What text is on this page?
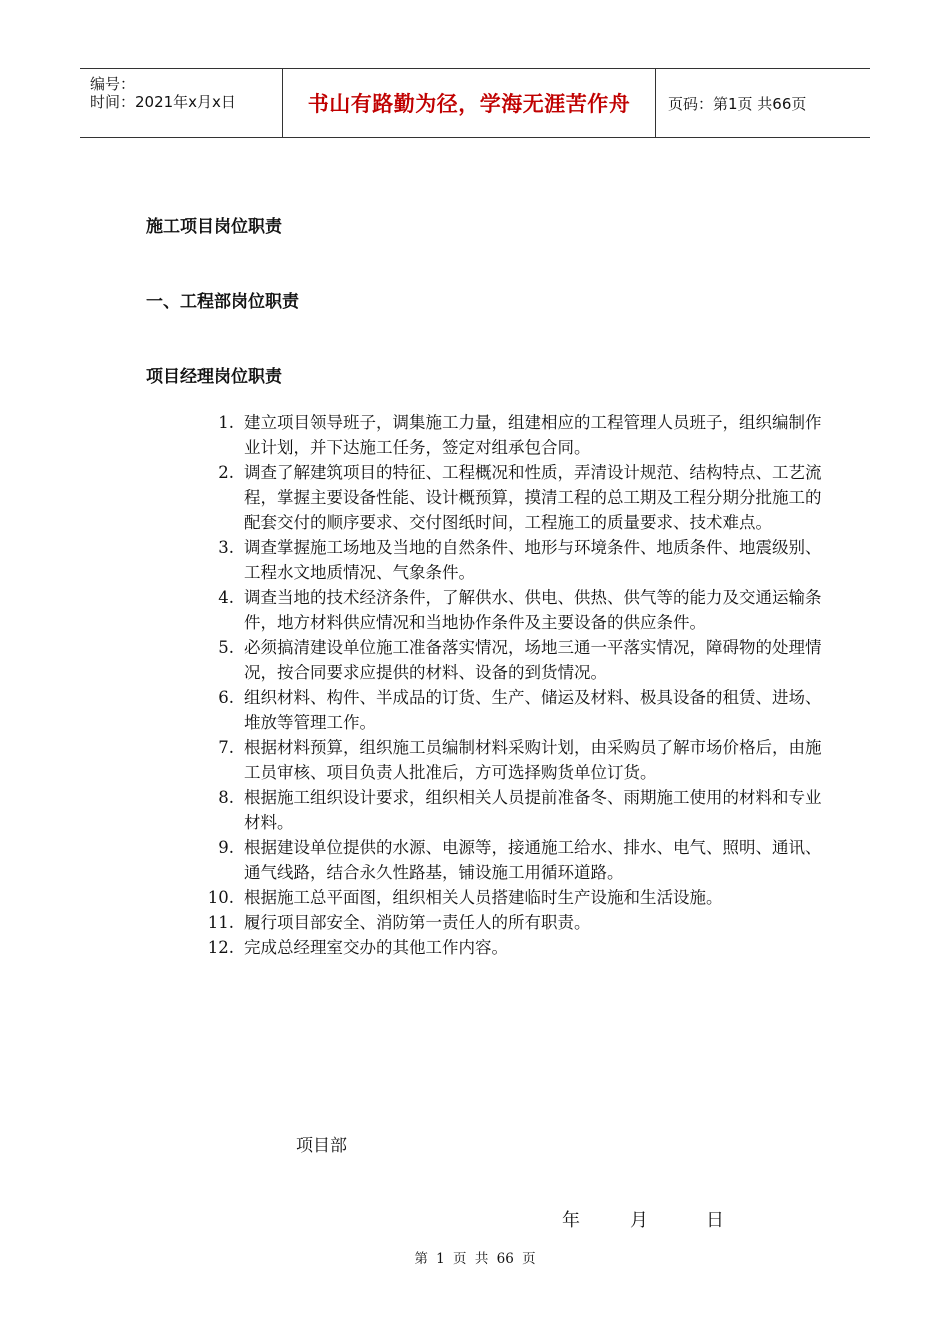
编号：
时间：2021年x月x日	书山有路勤为径，学海无涯苦作舟	页码：第1页 共66页
施工项目岗位职责
一、工程部岗位职责
项目经理岗位职责
1. 建立项目领导班子，调集施工力量，组建相应的工程管理人员班子，组织编制作业计划，并下达施工任务，签定对组承包合同。
2. 调查了解建筑项目的特征、工程概况和性质，弄清设计规范、结构特点、工艺流程，掌握主要设备性能、设计概预算，摸清工程的总工期及工程分期分批施工的配套交付的顺序要求、交付图纸时间，工程施工的质量要求、技术难点。
3. 调查掌握施工场地及当地的自然条件、地形与环境条件、地质条件、地震级别、工程水文地质情况、气象条件。
4. 调查当地的技术经济条件，了解供水、供电、供热、供气等的能力及交通运输条件，地方材料供应情况和当地协作条件及主要设备的供应条件。
5. 必须搞清建设单位施工准备落实情况，场地三通一平落实情况，障碍物的处理情况，按合同要求应提供的材料、设备的到货情况。
6. 组织材料、构件、半成品的订货、生产、储运及材料、极具设备的租赁、进场、堆放等管理工作。
7. 根据材料预算，组织施工员编制材料采购计划，由采购员了解市场价格后，由施工员审核、项目负责人批准后，方可选择购货单位订货。
8. 根据施工组织设计要求，组织相关人员提前准备冬、雨期施工使用的材料和专业材料。
9. 根据建设单位提供的水源、电源等，接通施工给水、排水、电气、照明、通讯、通气线路，结合永久性路基，铺设施工用循环道路。
10. 根据施工总平面图，组织相关人员搭建临时生产设施和生活设施。
11. 履行项目部安全、消防第一责任人的所有职责。
12. 完成总经理室交办的其他工作内容。
项目部
年	月	日
第 1 页 共 66 页
